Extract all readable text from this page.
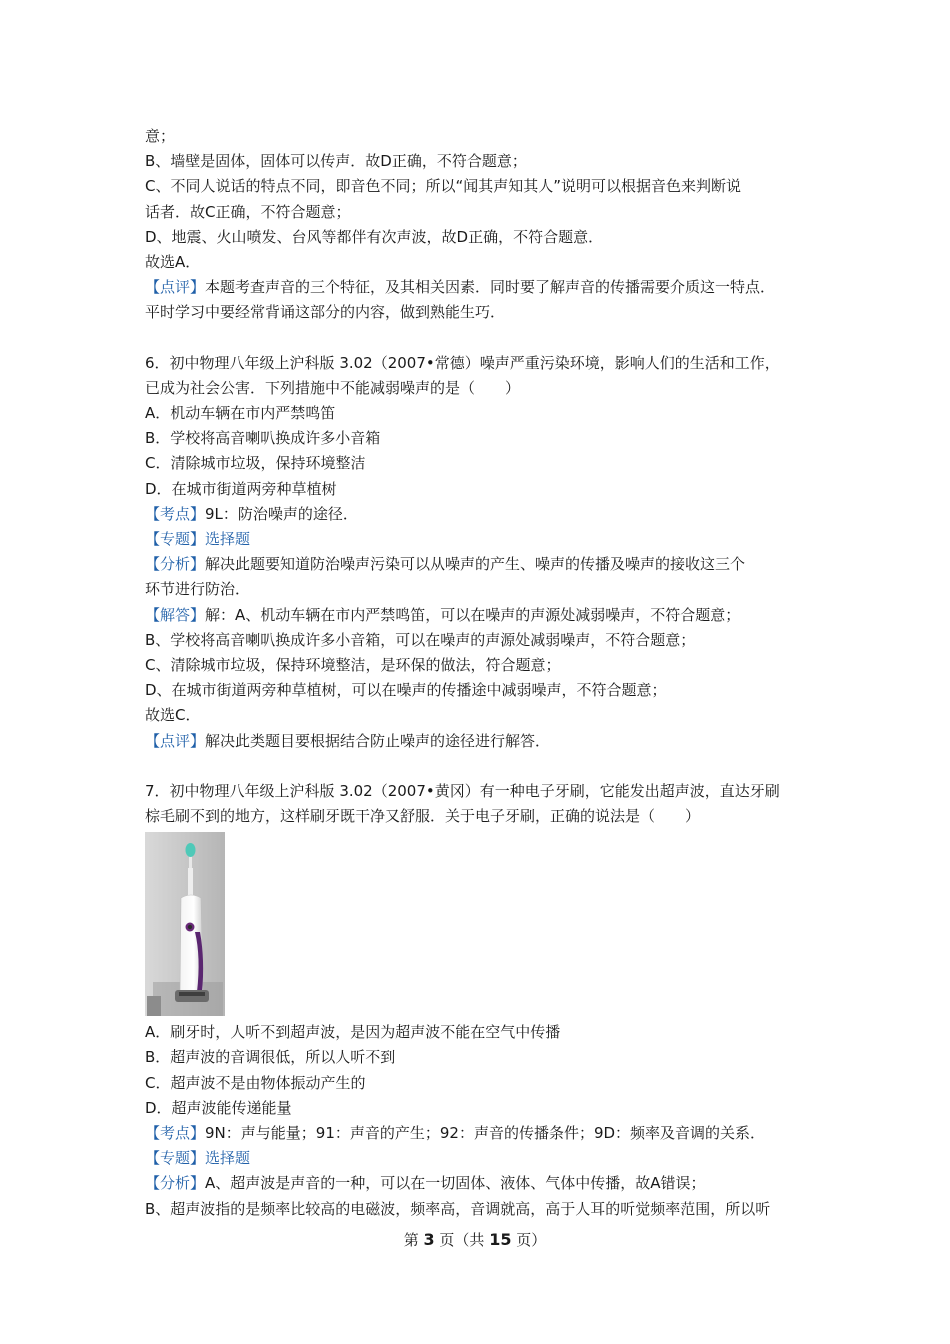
意；
B、墙壁是固体，固体可以传声．故D正确，不符合题意；
C、不同人说话的特点不同，即音色不同；所以“闻其声知其人”说明可以根据音色来判断说
话者．故C正确，不符合题意；
D、地震、火山喷发、台风等都伴有次声波，故D正确，不符合题意．
故选A．
【点评】本题考查声音的三个特征，及其相关因素．同时要了解声音的传播需要介质这一特点．
平时学习中要经常背诵这部分的内容，做到熟能生巧．
6．初中物理八年级上沪科版 3.02（2007•常德）噪声严重污染环境，影响人们的生活和工作，
已成为社会公害．下列措施中不能减弱噪声的是（　　）
A．机动车辆在市内严禁鸣笛
B．学校将高音喇叭换成许多小音箱
C．清除城市垃圾，保持环境整洁
D．在城市街道两旁种草植树
【考点】9L：防治噪声的途径．
【专题】选择题
【分析】解决此题要知道防治噪声污染可以从噪声的产生、噪声的传播及噪声的接收这三个
环节进行防治．
【解答】解：A、机动车辆在市内严禁鸣笛，可以在噪声的声源处减弱噪声，不符合题意；
B、学校将高音喇叭换成许多小音箱，可以在噪声的声源处减弱噪声，不符合题意；
C、清除城市垃圾，保持环境整洁，是环保的做法，符合题意；
D、在城市街道两旁种草植树，可以在噪声的传播途中减弱噪声，不符合题意；
故选C．
【点评】解决此类题目要根据结合防止噪声的途径进行解答．
7．初中物理八年级上沪科版 3.02（2007•黄冈）有一种电子牙刷，它能发出超声波，直达牙刷
棕毛刷不到的地方，这样刷牙既干净又舒服．关于电子牙刷，正确的说法是（　　）
A．刷牙时，人听不到超声波，是因为超声波不能在空气中传播
B．超声波的音调很低，所以人听不到
C．超声波不是由物体振动产生的
D．超声波能传递能量
【考点】9N：声与能量；91：声音的产生；92：声音的传播条件；9D：频率及音调的关系．
【专题】选择题
【分析】A、超声波是声音的一种，可以在一切固体、液体、气体中传播，故A错误；
B、超声波指的是频率比较高的电磁波，频率高，音调就高，高于人耳的听觉频率范围，所以听
第 3 页（共 15 页）
